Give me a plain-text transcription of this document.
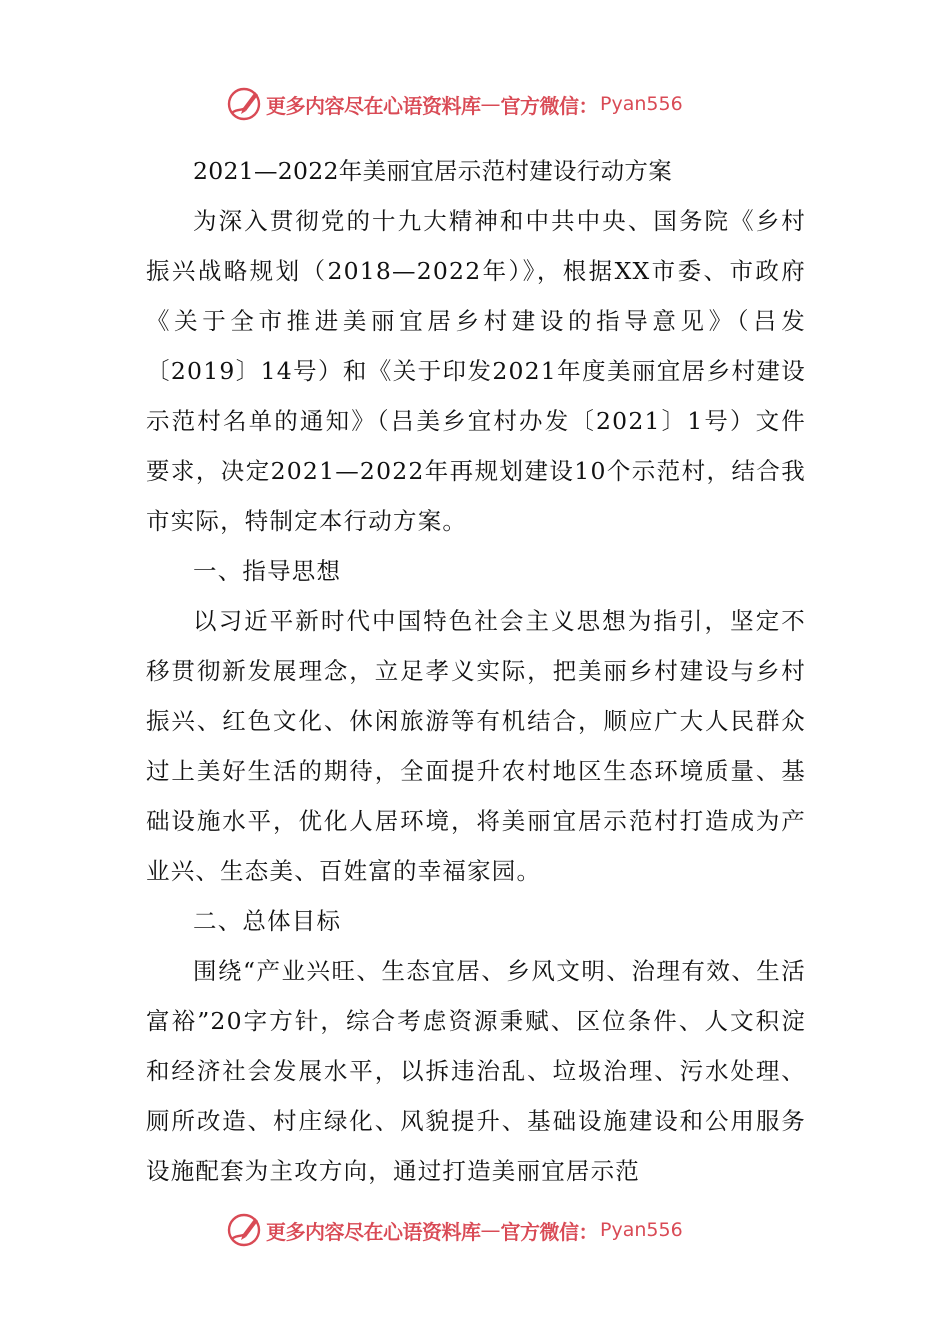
更多内容尽在心语资料库 — 官方微信： Pyan556

2021—2022年美丽宜居示范村建设行动方案

为深入贯彻党的十九大精神和中共中央、国务院《乡村振兴战略规划（2018—2022年）》，根据XX市委、市政府《关于全市推进美丽宜居乡村建设的指导意见》（吕发〔2019〕14号）和《关于印发2021年度美丽宜居乡村建设示范村名单的通知》（吕美乡宜村办发〔2021〕1号）文件要求，决定2021—2022年再规划建设10个示范村，结合我市实际，特制定本行动方案。

一、指导思想

以习近平新时代中国特色社会主义思想为指引，坚定不移贯彻新发展理念，立足孝义实际，把美丽乡村建设与乡村振兴、红色文化、休闲旅游等有机结合，顺应广大人民群众过上美好生活的期待，全面提升农村地区生态环境质量、基础设施水平，优化人居环境，将美丽宜居示范村打造成为产业兴、生态美、百姓富的幸福家园。

二、总体目标

围绕“产业兴旺、生态宜居、乡风文明、治理有效、生活富裕”20字方针，综合考虑资源秉赋、区位条件、人文积淀和经济社会发展水平，以拆违治乱、垃圾治理、污水处理、厕所改造、村庄绿化、风貌提升、基础设施建设和公用服务设施配套为主攻方向，通过打造美丽宜居示范

更多内容尽在心语资料库 — 官方微信： Pyan556
